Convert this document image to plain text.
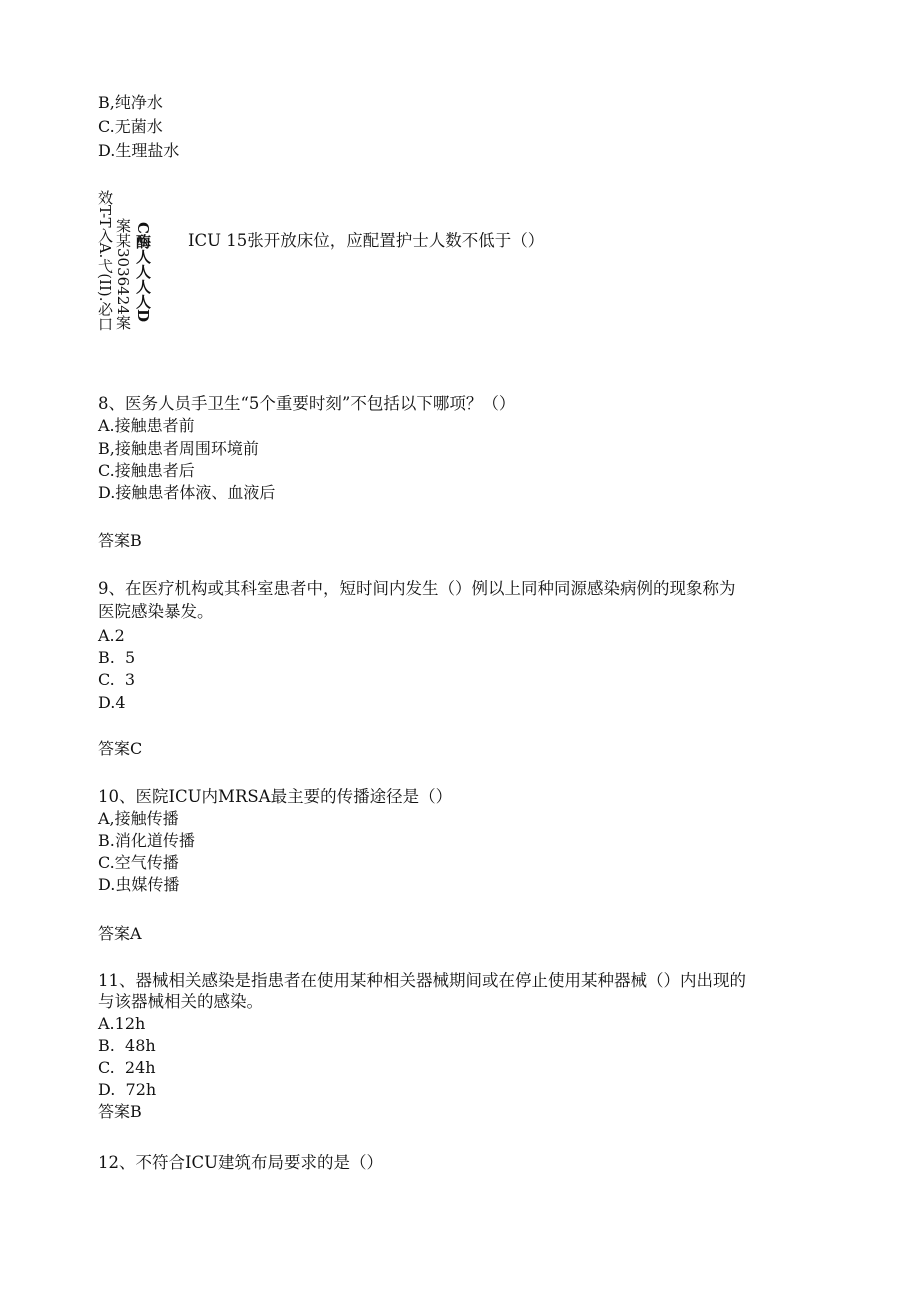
B,纯净水
C.无菌水
D.生理盐水
效T-T入A.弋(II).必口 案某3036424案 C酶人人人人D ICU 15张开放床位，应配置护士人数不低于（）
8、医务人员手卫生“5个重要时刻”不包括以下哪项？（）
A.接触患者前
B,接触患者周围环境前
C.接触患者后
D.接触患者体液、血液后
答案B
9、在医疗机构或其科室患者中，短时间内发生（）例以上同种同源感染病例的现象称为
医院感染暴发。
A.2
B.  5
C.  3
D.4
答案C
10、医院ICU内MRSA最主要的传播途径是（）
A,接触传播
B.消化道传播
C.空气传播
D.虫媒传播
答案A
11、器械相关感染是指患者在使用某种相关器械期间或在停止使用某种器械（）内出现的
与该器械相关的感染。
A.12h
B.  48h
C.  24h
D.  72h
答案B
12、不符合ICU建筑布局要求的是（）
